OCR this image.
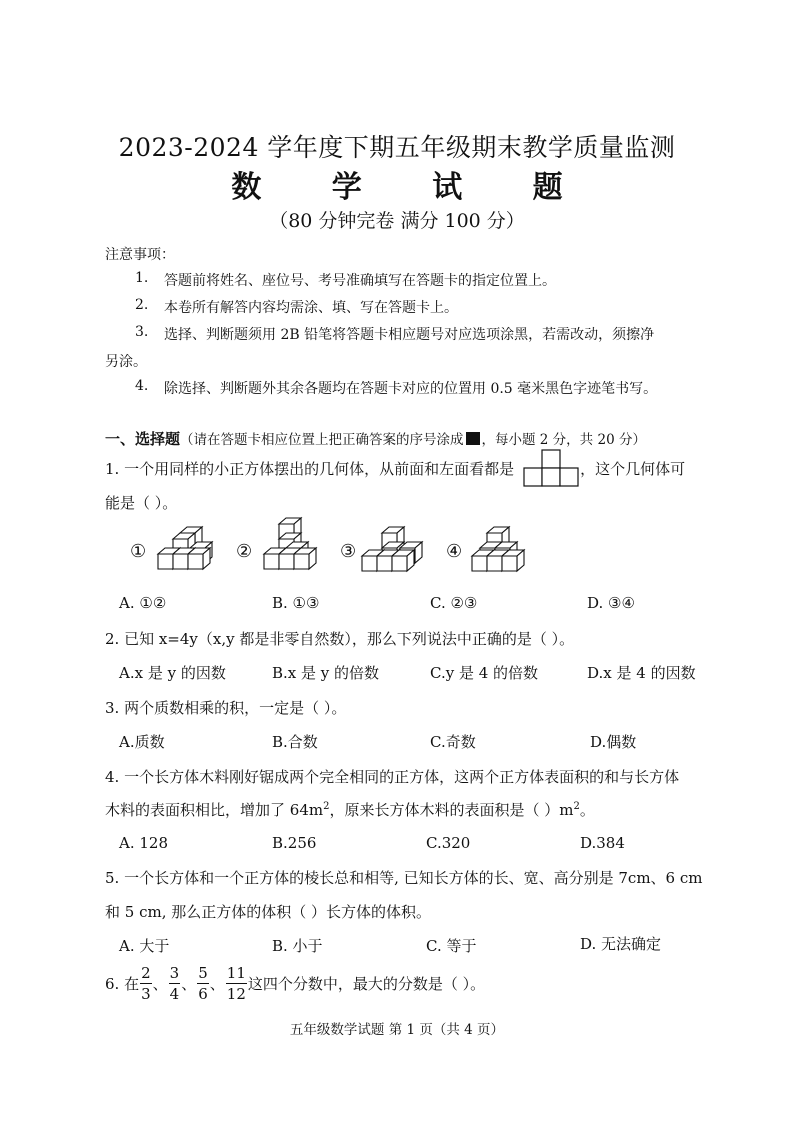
2023-2024 学年度下期五年级期末教学质量监测
数 学 试 题
（80 分钟完卷 满分 100 分）
注意事项：
1. 答题前将姓名、座位号、考号准确填写在答题卡的指定位置上。
2. 本卷所有解答内容均需涂、填、写在答题卡上。
3. 选择、判断题须用 2B 铅笔将答题卡相应题号对应选项涂黑，若需改动，须擦净
另涂。
4. 除选择、判断题外其余各题均在答题卡对应的位置用 0.5 毫米黑色字迹笔书写。
一、选择题（请在答题卡相应位置上把正确答案的序号涂成 ，每小题 2 分，共 20 分）
1. 一个用同样的小正方体摆出的几何体，从前面和左面看都是	，这个几何体可
能是（ ）。
①	②	③	④
A. ①②	B. ①③	C. ②③	D. ③④
2. 已知 x=4y（x,y 都是非零自然数），那么下列说法中正确的是（ ）。
A.x 是 y 的因数	B.x 是 y 的倍数	C.y 是 4 的倍数	D.x 是 4 的因数
3. 两个质数相乘的积，一定是（ ）。
A.质数	B.合数	C.奇数	D.偶数
4. 一个长方体木料刚好锯成两个完全相同的正方体，这两个正方体表面积的和与长方体
木料的表面积相比，增加了 $64m^2$，原来长方体木料的表面积是（ ）$m^2$。
A. 128	B.256	C.320	D.384
5. 一个长方体和一个正方体的棱长总和相等, 已知长方体的长、宽、高分别是 7cm、6 cm
和 5 cm, 那么正方体的体积（ ）长方体的体积。
A. 大于	B. 小于	C. 等于	D. 无法确定
6. 在 $\frac{2}{3}$ 、 $\frac{3}{4}$ 、 $\frac{5}{6}$ 、 $\frac{11}{12}$ 这四个分数中，最大的分数是（ ）。
五年级数学试题 第 1 页（共 4 页）
